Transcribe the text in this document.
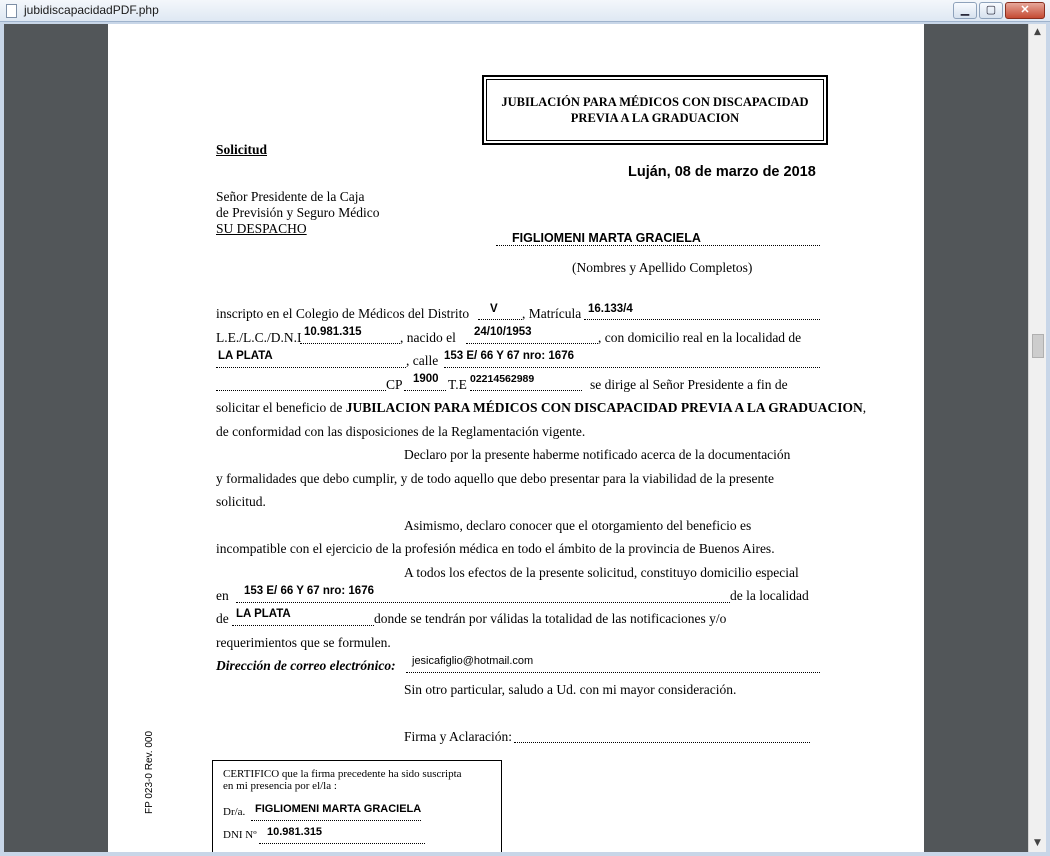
jubidiscapacidadPDF.php	▁	▢	✕
▲
▼
JUBILACIÓN PARA MÉDICOS CON DISCAPACIDAD
PREVIA A LA GRADUACION
Solicitud
Luján, 08 de marzo de 2018
Señor Presidente de la Caja
de Previsión y Seguro Médico
SU DESPACHO
FIGLIOMENI MARTA GRACIELA
(Nombres y Apellido Completos)
inscripto en el Colegio de Médicos del Distrito V , Matrícula 16.133/4
L.E./L.C./D.N.I 10.981.315	, nacido el 24/10/1953	, con domicilio real en la localidad de
LA PLATA	, calle 153 E/ 66 Y 67 nro: 1676
CP 1900 T.E 02214562989	se dirige al Señor Presidente a fin de
solicitar el beneficio de JUBILACION PARA MÉDICOS CON DISCAPACIDAD PREVIA A LA GRADUACION,
de conformidad con las disposiciones de la Reglamentación vigente.
Declaro por la presente haberme notificado acerca de la documentación
y formalidades que debo cumplir, y de todo aquello que debo presentar para la viabilidad de la presente
solicitud.
Asimismo, declaro conocer que el otorgamiento del beneficio es
incompatible con el ejercicio de la profesión médica en todo el ámbito de la provincia de Buenos Aires.
A todos los efectos de la presente solicitud, constituyo domicilio especial
en 153 E/ 66 Y 67 nro: 1676	de la localidad
de LA PLATA	donde se tendrán por válidas la totalidad de las notificaciones y/o
requerimientos que se formulen.
Dirección de correo electrónico: jesicafiglio@hotmail.com
Sin otro particular, saludo a Ud. con mi mayor consideración.
Firma y Aclaración:
FP 023-0 Rev. 000	CERTIFICO que la firma precedente ha sido suscripta
en mi presencia por el/la :
Dr/a. FIGLIOMENI MARTA GRACIELA
DNI Nº 10.981.315
